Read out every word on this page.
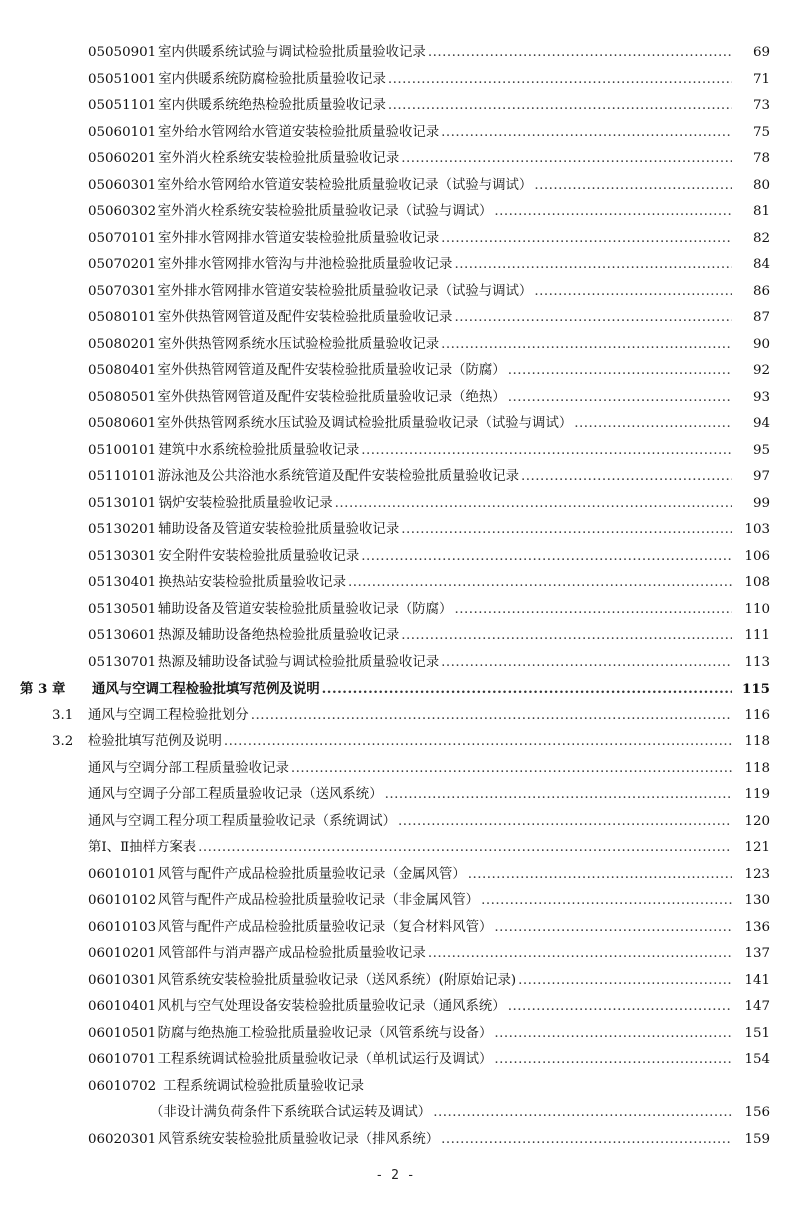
05050901 室内供暖系统试验与调试检验批质量验收记录 .....	69
05051001 室内供暖系统防腐检验批质量验收记录 .....	71
05051101 室内供暖系统绝热检验批质量验收记录 .....	73
05060101 室外给水管网给水管道安装检验批质量验收记录 .....	75
05060201 室外消火栓系统安装检验批质量验收记录 .....	78
05060301 室外给水管网给水管道安装检验批质量验收记录（试验与调试） .....	80
05060302 室外消火栓系统安装检验批质量验收记录（试验与调试） .....	81
05070101 室外排水管网排水管道安装检验批质量验收记录 .....	82
05070201 室外排水管网排水管沟与井池检验批质量验收记录 .....	84
05070301 室外排水管网排水管道安装检验批质量验收记录（试验与调试） .....	86
05080101 室外供热管网管道及配件安装检验批质量验收记录 .....	87
05080201 室外供热管网系统水压试验检验批质量验收记录 .....	90
05080401 室外供热管网管道及配件安装检验批质量验收记录（防腐） .....	92
05080501 室外供热管网管道及配件安装检验批质量验收记录（绝热） .....	93
05080601 室外供热管网系统水压试验及调试检验批质量验收记录（试验与调试） .....	94
05100101 建筑中水系统检验批质量验收记录 .....	95
05110101 游泳池及公共浴池水系统管道及配件安装检验批质量验收记录 .....	97
05130101 锅炉安装检验批质量验收记录 .....	99
05130201 辅助设备及管道安装检验批质量验收记录 .....	103
05130301 安全附件安装检验批质量验收记录 .....	106
05130401 换热站安装检验批质量验收记录 .....	108
05130501 辅助设备及管道安装检验批质量验收记录（防腐） .....	110
05130601 热源及辅助设备绝热检验批质量验收记录 .....	111
05130701 热源及辅助设备试验与调试检验批质量验收记录 .....	113
第 3 章	通风与空调工程检验批填写范例及说明 .....	115
3.1	通风与空调工程检验批划分 .....	116
3.2	检验批填写范例及说明 .....	118
通风与空调分部工程质量验收记录 .....	118
通风与空调子分部工程质量验收记录（送风系统） .....	119
通风与空调工程分项工程质量验收记录（系统调试） .....	120
第Ⅰ、Ⅱ抽样方案表 .....	121
06010101 风管与配件产成品检验批质量验收记录（金属风管） .....	123
06010102 风管与配件产成品检验批质量验收记录（非金属风管） .....	130
06010103 风管与配件产成品检验批质量验收记录（复合材料风管） .....	136
06010201 风管部件与消声器产成品检验批质量验收记录 .....	137
06010301 风管系统安装检验批质量验收记录（送风系统）(附原始记录) .....	141
06010401 风机与空气处理设备安装检验批质量验收记录（通风系统） .....	147
06010501 防腐与绝热施工检验批质量验收记录（风管系统与设备） .....	151
06010701 工程系统调试检验批质量验收记录（单机试运行及调试） .....	154
06010702 工程系统调试检验批质量验收记录
（非设计满负荷条件下系统联合试运转及调试） .....	156
06020301 风管系统安装检验批质量验收记录（排风系统） .....	159
- 2 -
